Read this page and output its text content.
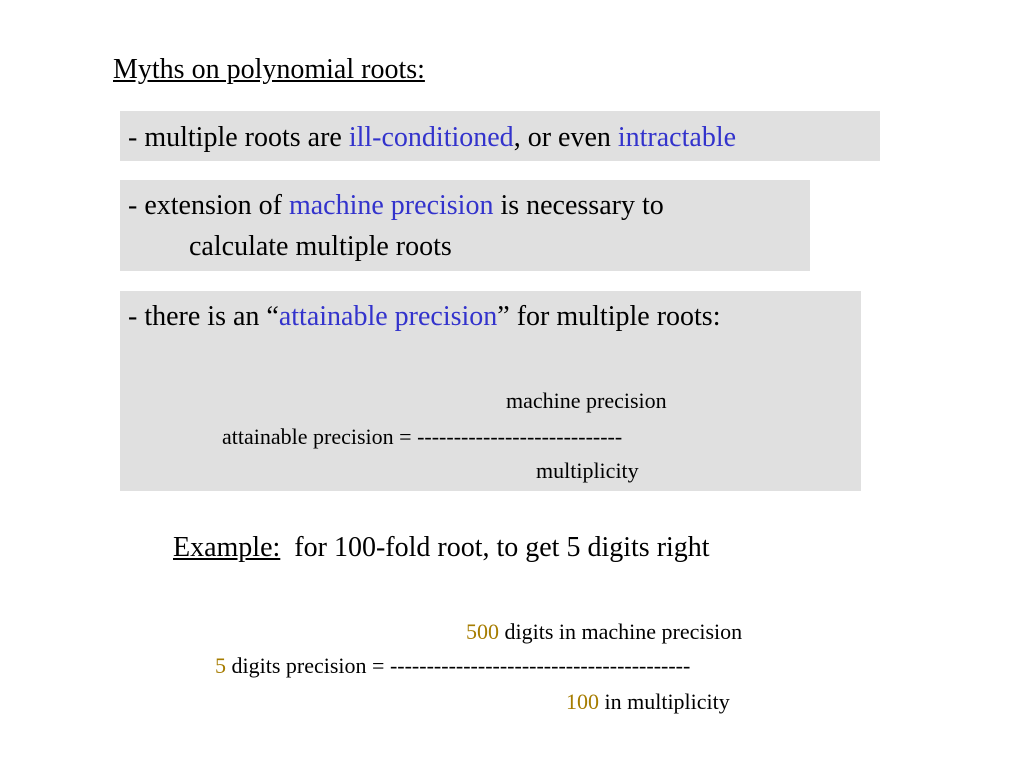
Myths on polynomial roots:
- multiple roots are ill-conditioned, or even intractable
- extension of machine precision is necessary to
calculate multiple roots
- there is an “attainable precision” for multiple roots:
machine precision
attainable precision = ----------------------------
multiplicity
Example:  for 100-fold root, to get 5 digits right
500 digits in machine precision
5 digits precision = -----------------------------------------
100 in multiplicity
